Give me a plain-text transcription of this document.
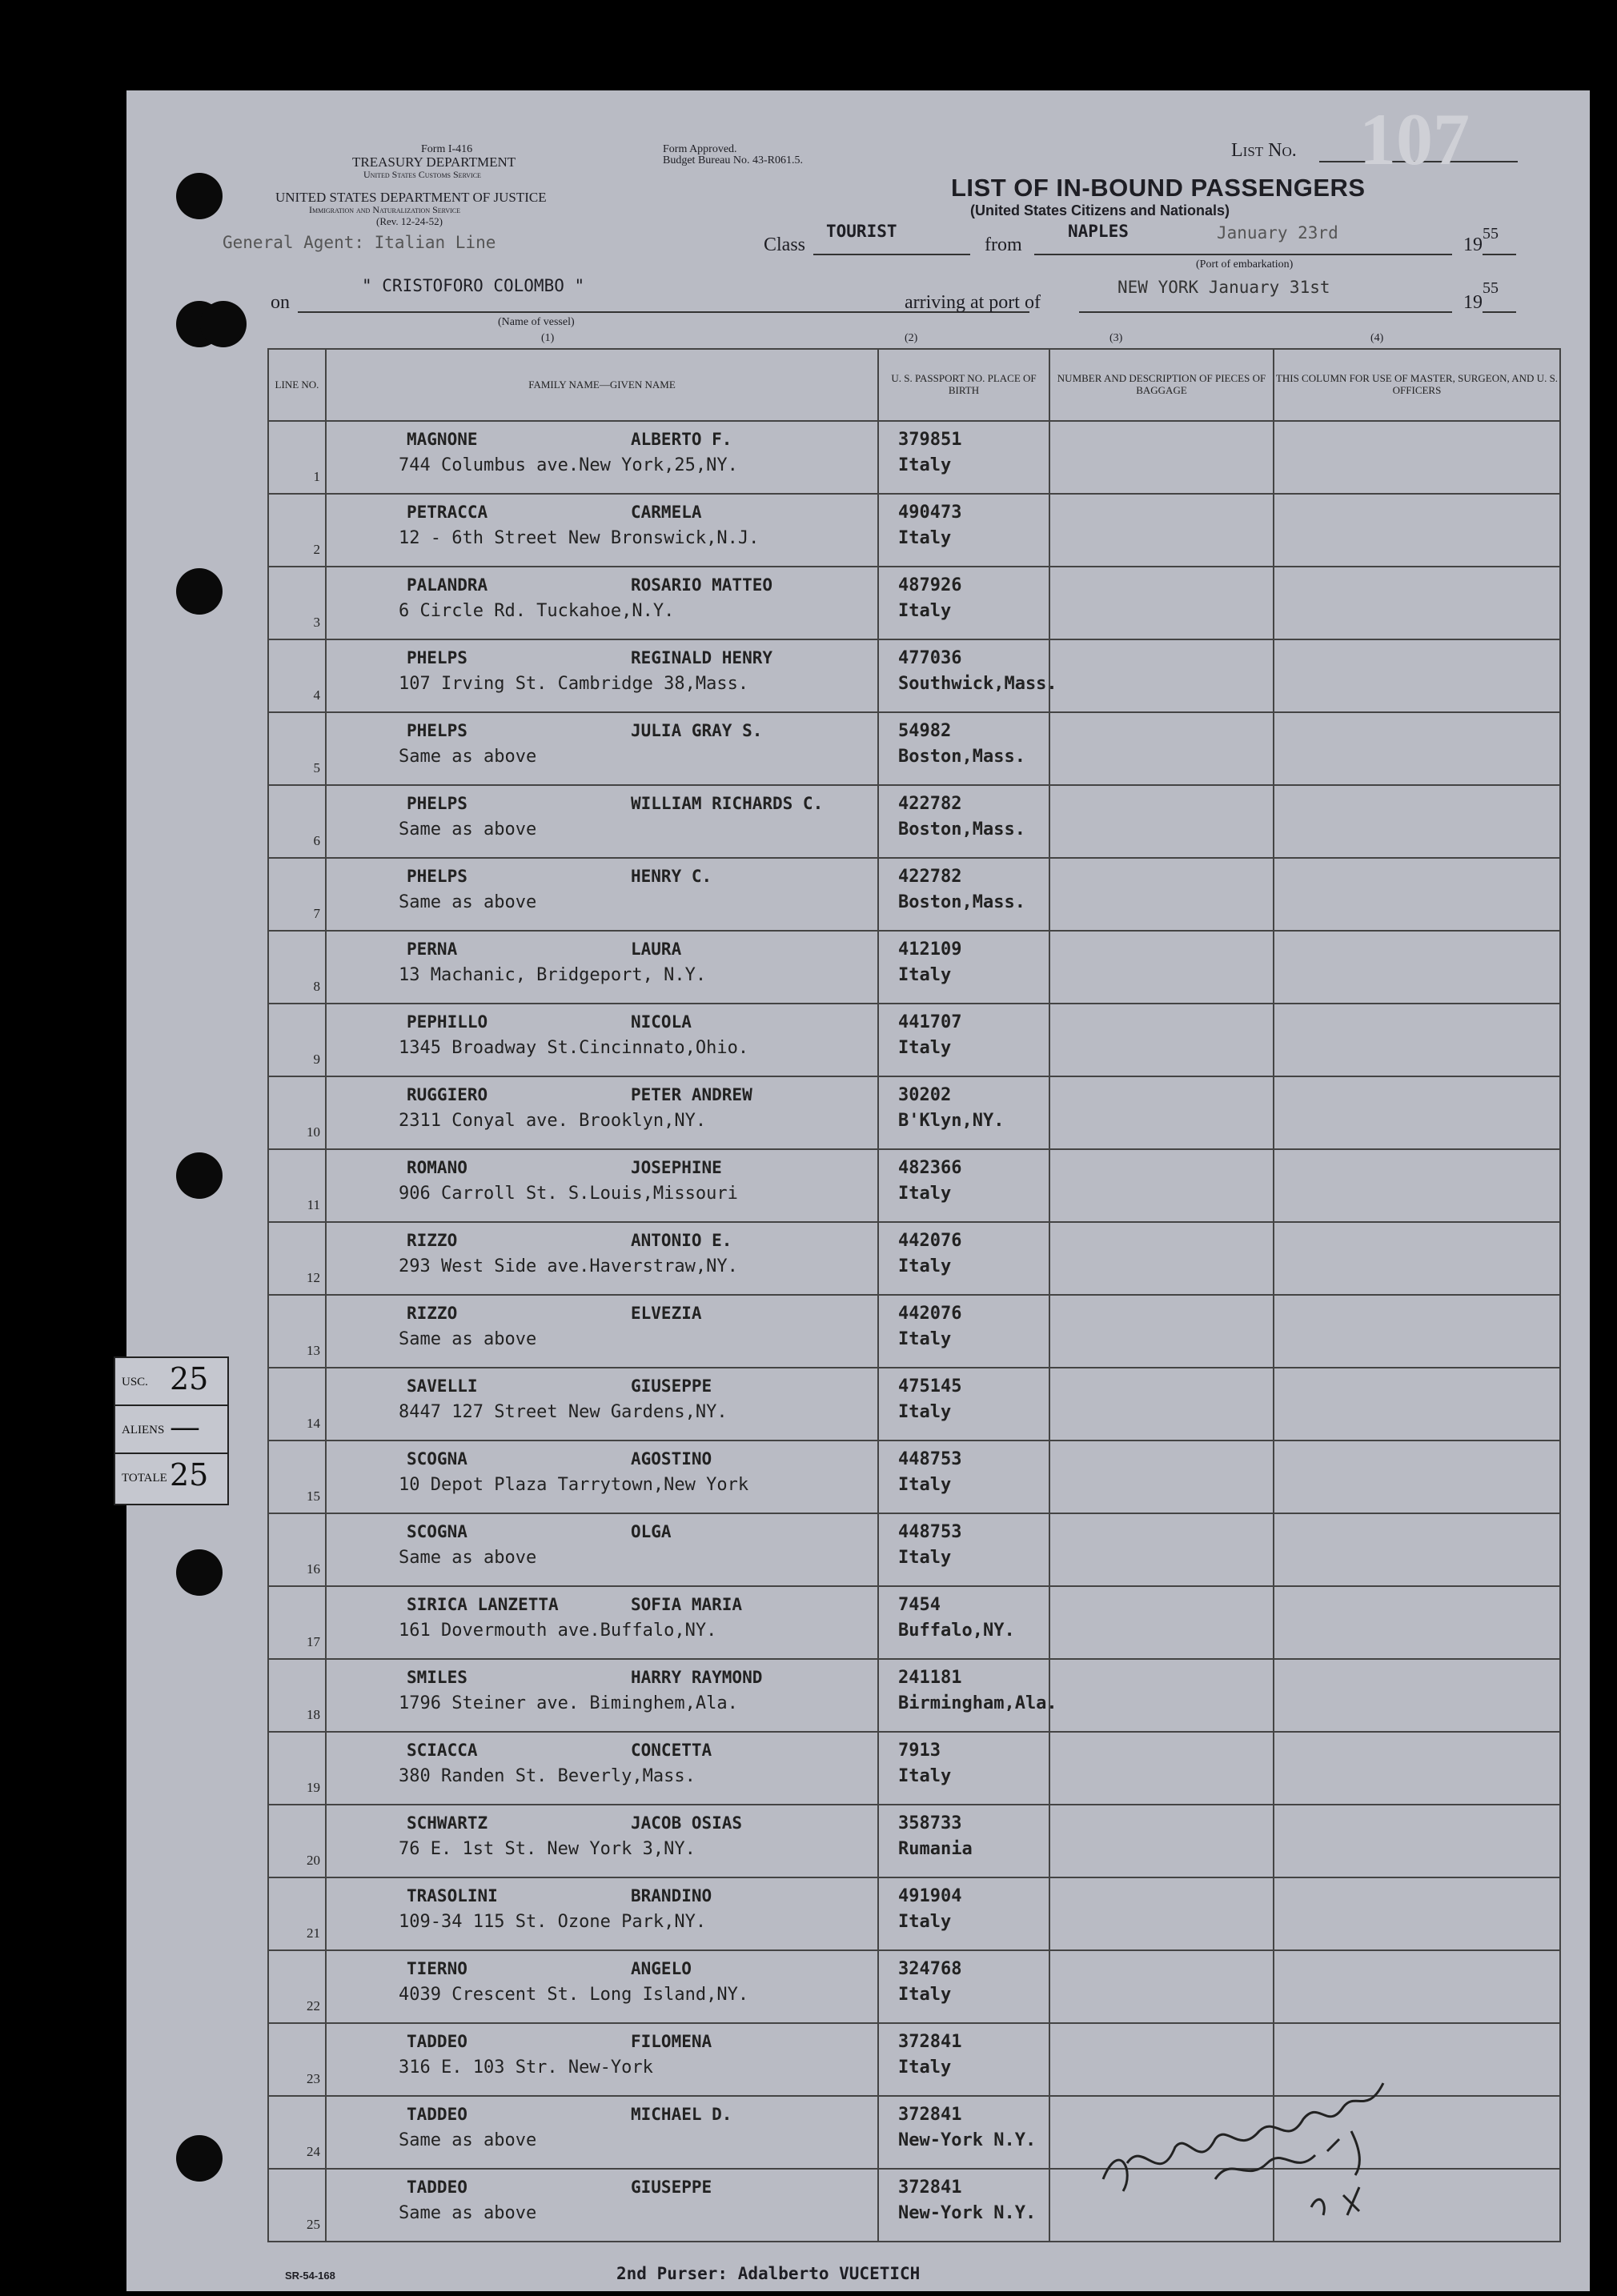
Form I-416
TREASURY DEPARTMENT
United States Customs Service
Form Approved.
Budget Bureau No. 43-R061.5.
UNITED STATES DEPARTMENT OF JUSTICE
Immigration and Naturalization Service
(Rev. 12-24-52)
List No. 107
LIST OF IN-BOUND PASSENGERS
(United States Citizens and Nationals)
General Agent: Italian Line	Class
TOURIST
from
NAPLES	January 23rd
19
55
(Port of embarkation)
on
" CRISTOFORO COLOMBO "
(Name of vessel)
arriving at port of
NEW YORK January 31st
19
55
(1)	(2)	(3)	(4)
LINE NO.	FAMILY NAME—GIVEN NAME	U. S. PASSPORT NO. PLACE OF BIRTH	NUMBER AND DESCRIPTION OF PIECES OF BAGGAGE	THIS COLUMN FOR USE OF MASTER, SURGEON, AND U. S. OFFICERS

1	MAGNONE ALBERTO F.
744 Columbus ave.New York,25,NY.	379851
Italy		

2	PETRACCA CARMELA
12 - 6th Street New Bronswick,N.J.	490473
Italy		

3	PALANDRA ROSARIO MATTEO
6 Circle Rd. Tuckahoe,N.Y.	487926
Italy		

4	PHELPS REGINALD HENRY
107 Irving St. Cambridge 38,Mass.	477036
Southwick,Mass.		

5	PHELPS JULIA GRAY S.
Same as above	54982
Boston,Mass.		

6	PHELPS WILLIAM RICHARDS C.
Same as above	422782
Boston,Mass.		

7	PHELPS HENRY C.
Same as above	422782
Boston,Mass.		

8	PERNA LAURA
13 Machanic, Bridgeport, N.Y.	412109
Italy		

9	PEPHILLO NICOLA
1345 Broadway St.Cincinnato,Ohio.	441707
Italy		

10	RUGGIERO PETER ANDREW
2311 Conyal ave. Brooklyn,NY.	30202
B'Klyn,NY.		

11	ROMANO JOSEPHINE
906 Carroll St. S.Louis,Missouri	482366
Italy		

12	RIZZO ANTONIO E.
293 West Side ave.Haverstraw,NY.	442076
Italy		

13	RIZZO ELVEZIA
Same as above	442076
Italy		

14	SAVELLI GIUSEPPE
8447 127 Street New Gardens,NY.	475145
Italy		

15	SCOGNA AGOSTINO
10 Depot Plaza Tarrytown,New York	448753
Italy		

16	SCOGNA OLGA
Same as above	448753
Italy		

17	SIRICA LANZETTA SOFIA MARIA
161 Dovermouth ave.Buffalo,NY.	7454
Buffalo,NY.		

18	SMILES HARRY RAYMOND
1796 Steiner ave. Biminghem,Ala.	241181
Birmingham,Ala.		

19	SCIACCA CONCETTA
380 Randen St. Beverly,Mass.	7913
Italy		

20	SCHWARTZ JACOB OSIAS
76 E. 1st St. New York 3,NY.	358733
Rumania		

21	TRASOLINI BRANDINO
109-34 115 St. Ozone Park,NY.	491904
Italy		

22	TIERNO ANGELO
4039 Crescent St. Long Island,NY.	324768
Italy		

23	TADDEO FILOMENA
316 E. 103 Str. New-York	372841
Italy		

24	TADDEO MICHAEL D.
Same as above	372841
New-York N.Y.		

25	TADDEO GIUSEPPE
Same as above	372841
New-York N.Y.		

USC. 25
ALIENS —
TOTALE 25
SR-54-168	2nd Purser: Adalberto VUCETICH
